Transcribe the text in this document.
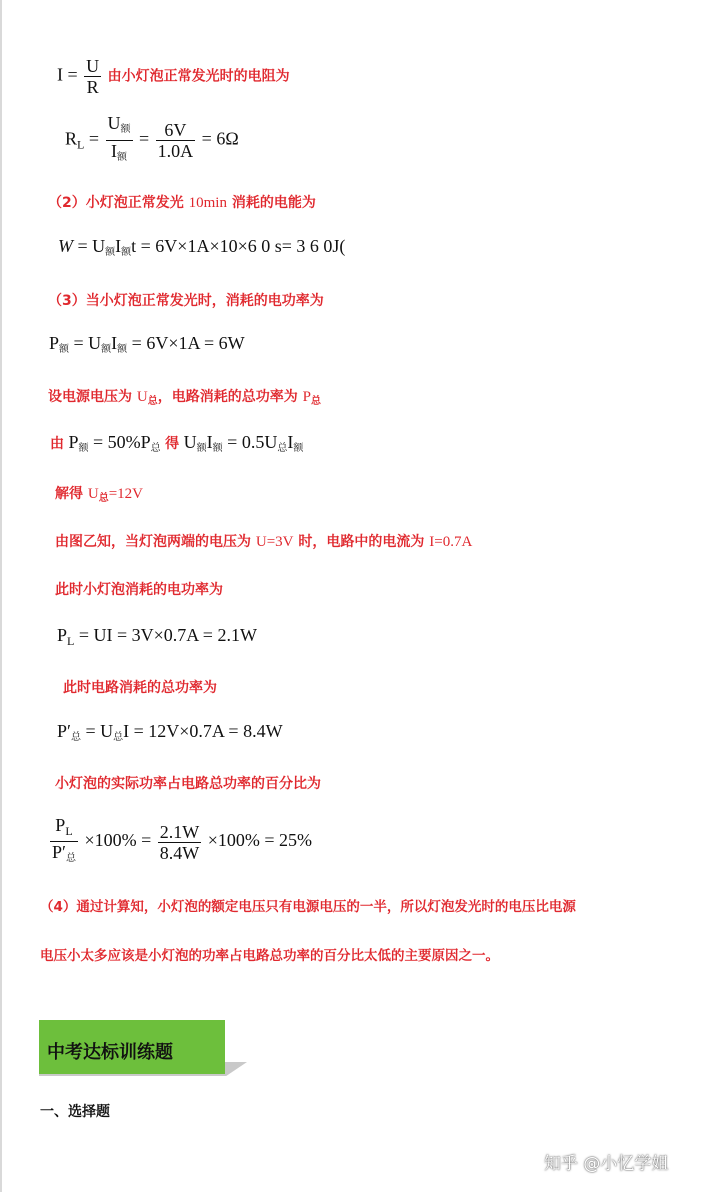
$I = \frac{U}{R}$ 由小灯泡正常发光时的电阻为
$R_L = \frac{U_额}{I_额} = \frac{6V}{1.0A} = 6\Omega$
（2）小灯泡正常发光 10min 消耗的电能为
$W = U_额I_额t = 6V\times 1A\times 10\times 6$ 0 s= 3 6 0J(
（3）当小灯泡正常发光时，消耗的电功率为
$P_额 = U_额I_额 = 6V\times 1A = 6W$
设电源电压为 $U_总$，电路消耗的总功率为 $P_总$
由 $P_额 = 50\%P_总$ 得 $U_额I_额 = 0.5U_总I_额$
解得 $U_总=12V$
由图乙知，当灯泡两端的电压为 U=3V 时，电路中的电流为 I=0.7A
此时小灯泡消耗的电功率为
$P_L$ = UI = 3V×0.7A = 2.1W
此时电路消耗的总功率为
$P'_总 = U_总I = 12V\times 0.7A = 8.4W$
小灯泡的实际功率占电路总功率的百分比为
$\frac{P_L}{P'_总} \times 100\% = \frac{2.1W}{8.4W} \times 100\% = 25\%$
（4）通过计算知，小灯泡的额定电压只有电源电压的一半，所以灯泡发光时的电压比电源
电压小太多应该是小灯泡的功率占电路总功率的百分比太低的主要原因之一。
中考达标训练题
一、选择题
知乎 @小忆学姐
